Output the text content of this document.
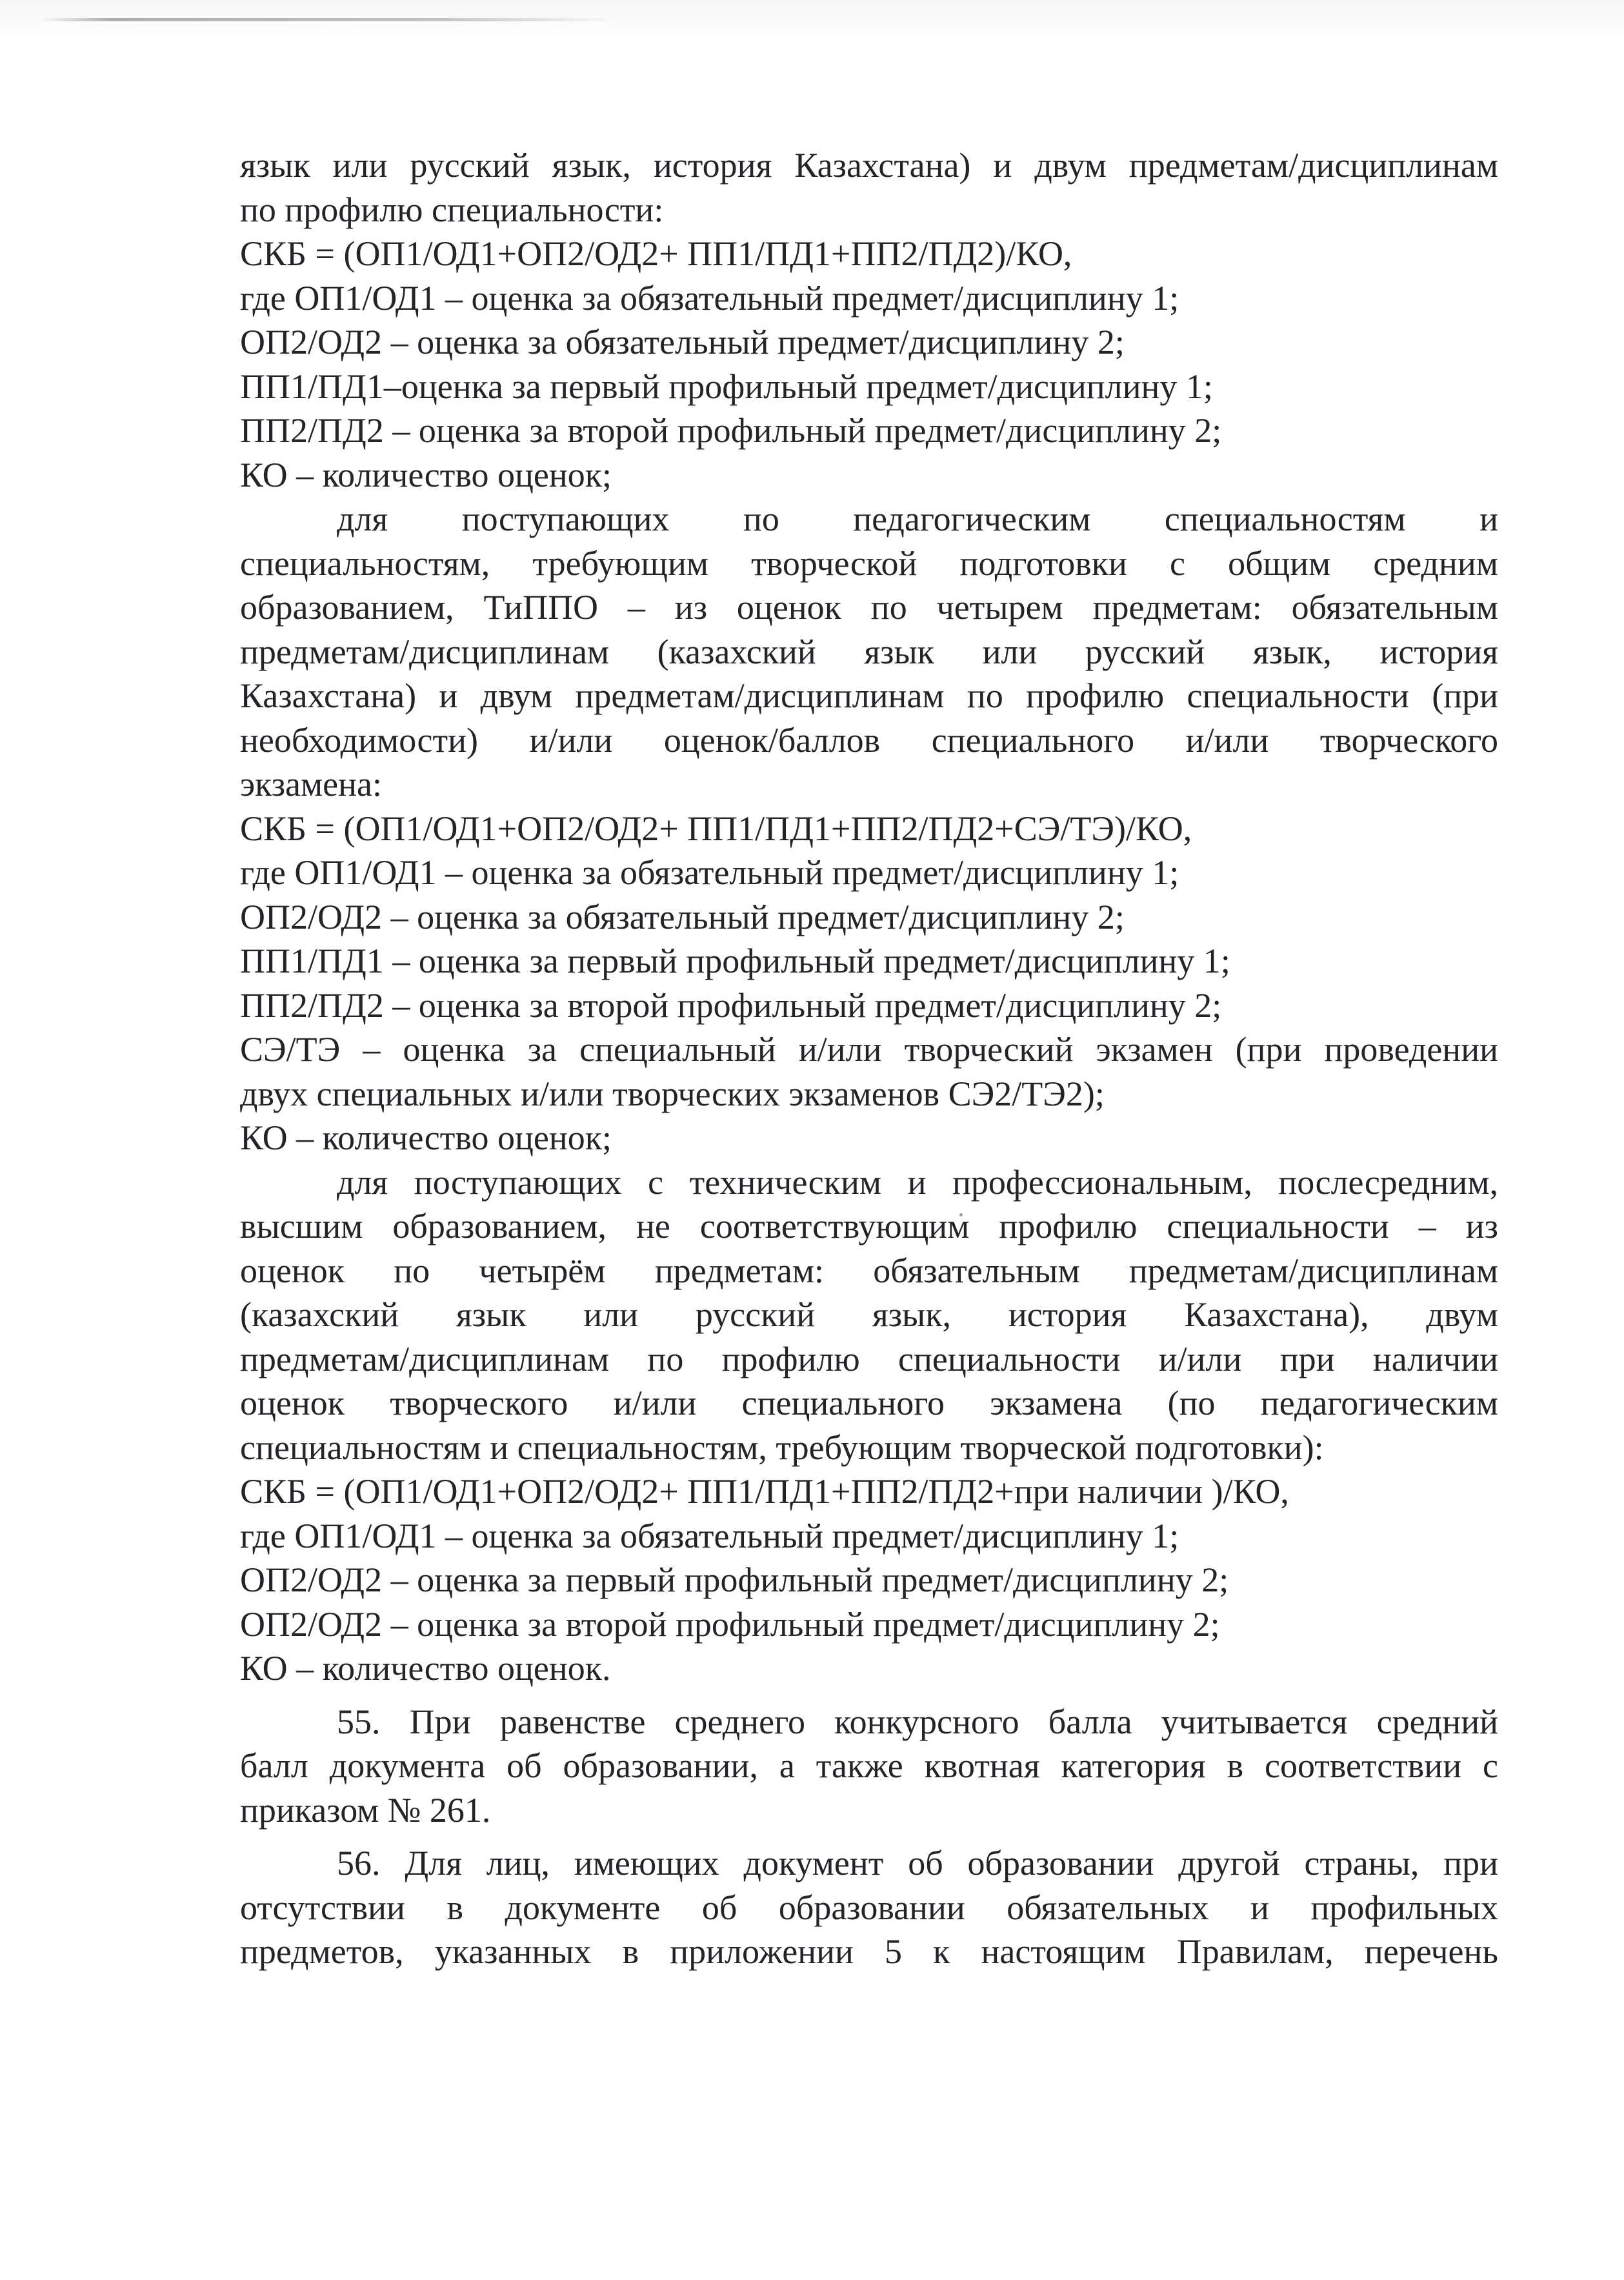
язык или русский язык, история Казахстана) и двум предметам/дисциплинам
по профилю специальности:
СКБ = (ОП1/ОД1+ОП2/ОД2+ ПП1/ПД1+ПП2/ПД2)/КО,
где ОП1/ОД1 – оценка за обязательный предмет/дисциплину 1;
ОП2/ОД2 – оценка за обязательный предмет/дисциплину 2;
ПП1/ПД1–оценка за первый профильный предмет/дисциплину 1;
ПП2/ПД2 – оценка за второй профильный предмет/дисциплину 2;
КО – количество оценок;
для поступающих по педагогическим специальностям и
специальностям, требующим творческой подготовки с общим средним
образованием, ТиППО – из оценок по четырем предметам: обязательным
предметам/дисциплинам (казахский язык или русский язык, история
Казахстана) и двум предметам/дисциплинам по профилю специальности (при
необходимости) и/или оценок/баллов специального и/или творческого
экзамена:
СКБ = (ОП1/ОД1+ОП2/ОД2+ ПП1/ПД1+ПП2/ПД2+СЭ/ТЭ)/КО,
где ОП1/ОД1 – оценка за обязательный предмет/дисциплину 1;
ОП2/ОД2 – оценка за обязательный предмет/дисциплину 2;
ПП1/ПД1 – оценка за первый профильный предмет/дисциплину 1;
ПП2/ПД2 – оценка за второй профильный предмет/дисциплину 2;
СЭ/ТЭ – оценка за специальный и/или творческий экзамен (при проведении
двух специальных и/или творческих экзаменов СЭ2/ТЭ2);
КО – количество оценок;
для поступающих с техническим и профессиональным, послесредним,
высшим образованием, не соответствующим профилю специальности – из
оценок по четырём предметам: обязательным предметам/дисциплинам
(казахский язык или русский язык, история Казахстана), двум
предметам/дисциплинам по профилю специальности и/или при наличии
оценок творческого и/или специального экзамена (по педагогическим
специальностям и специальностям, требующим творческой подготовки):
СКБ = (ОП1/ОД1+ОП2/ОД2+ ПП1/ПД1+ПП2/ПД2+при наличии )/КО,
где ОП1/ОД1 – оценка за обязательный предмет/дисциплину 1;
ОП2/ОД2 – оценка за первый профильный предмет/дисциплину 2;
ОП2/ОД2 – оценка за второй профильный предмет/дисциплину 2;
КО – количество оценок.
55. При равенстве среднего конкурсного балла учитывается средний
балл документа об образовании, а также квотная категория в соответствии с
приказом № 261.
56. Для лиц, имеющих документ об образовании другой страны, при
отсутствии в документе об образовании обязательных и профильных
предметов, указанных в приложении 5 к настоящим Правилам, перечень
